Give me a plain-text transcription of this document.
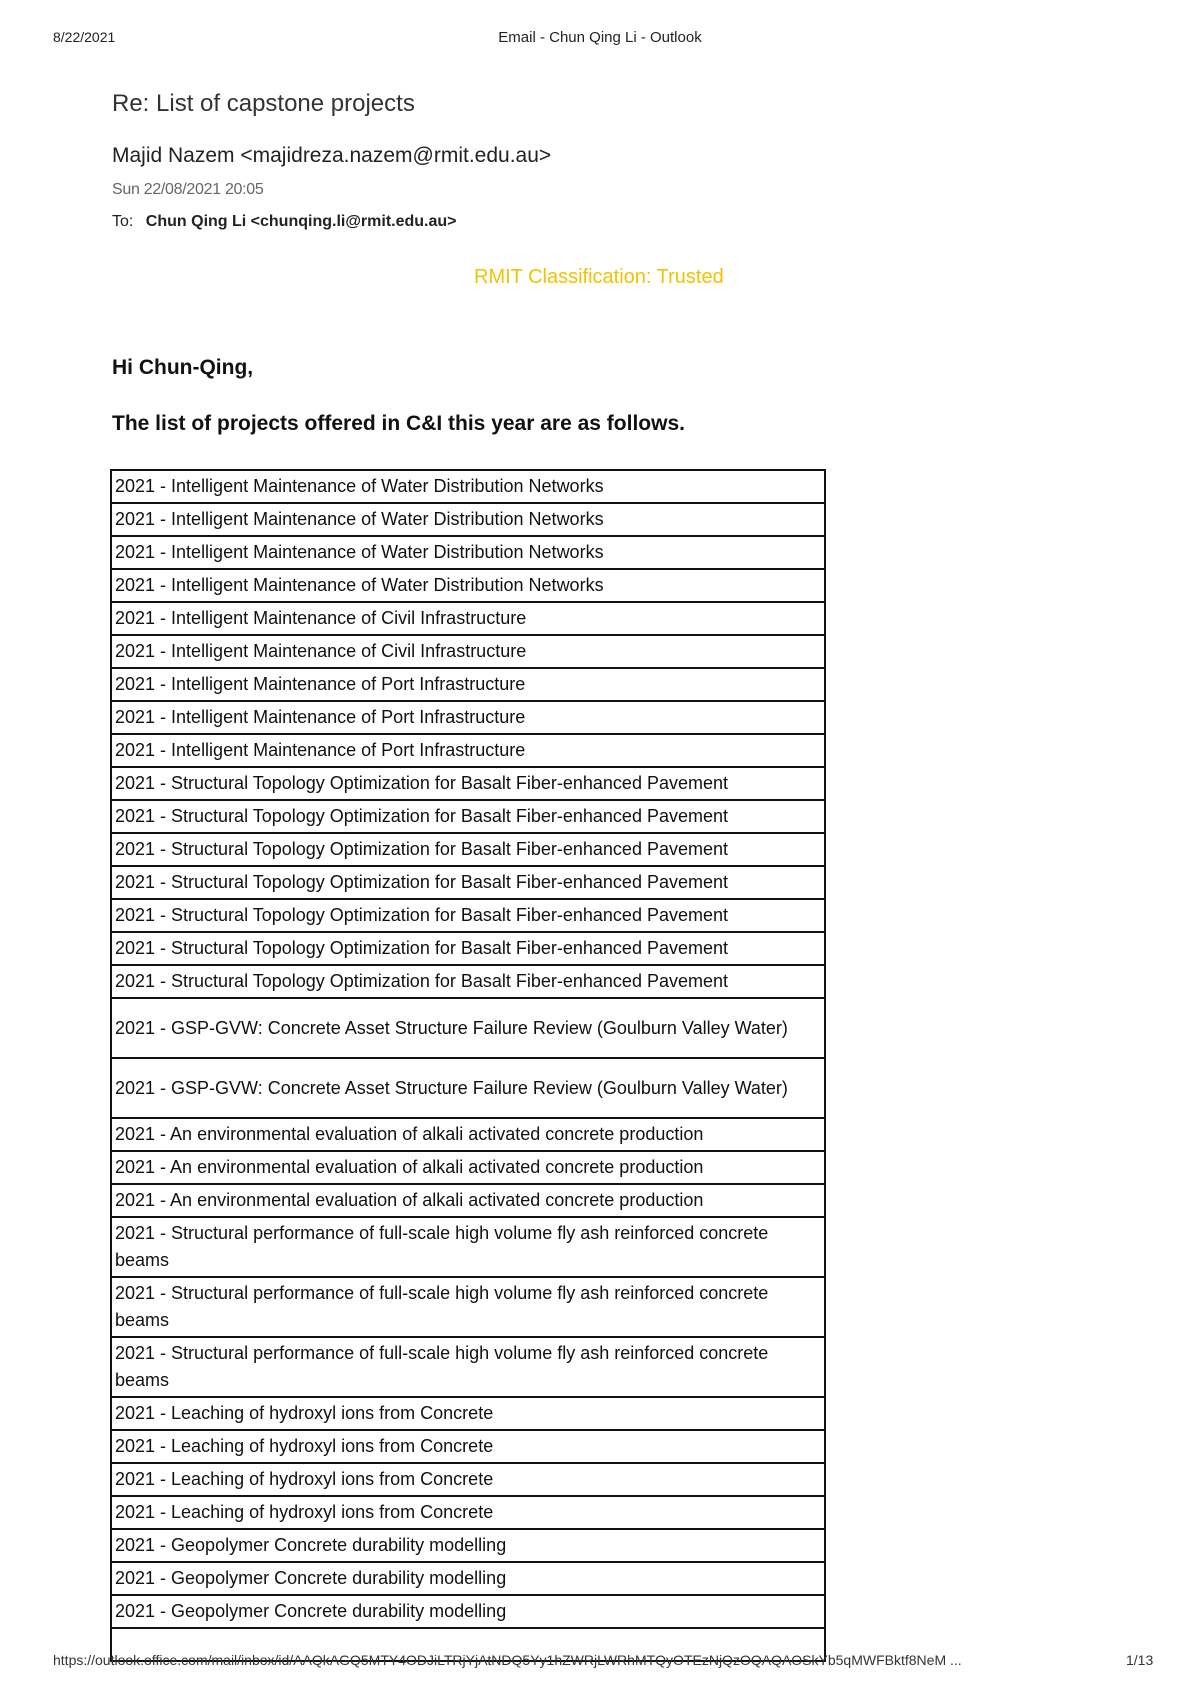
8/22/2021	Email - Chun Qing Li - Outlook
Re: List of capstone projects
Majid Nazem <majidreza.nazem@rmit.edu.au>
Sun 22/08/2021 20:05
To: Chun Qing Li <chunqing.li@rmit.edu.au>
RMIT Classification: Trusted
Hi Chun-Qing,
The list of projects offered in C&I this year are as follows.
2021 - Intelligent Maintenance of Water Distribution Networks
2021 - Intelligent Maintenance of Water Distribution Networks
2021 - Intelligent Maintenance of Water Distribution Networks
2021 - Intelligent Maintenance of Water Distribution Networks
2021 - Intelligent Maintenance of Civil Infrastructure
2021 - Intelligent Maintenance of Civil Infrastructure
2021 - Intelligent Maintenance of Port Infrastructure
2021 - Intelligent Maintenance of Port Infrastructure
2021 - Intelligent Maintenance of Port Infrastructure
2021 - Structural Topology Optimization for Basalt Fiber-enhanced Pavement
2021 - Structural Topology Optimization for Basalt Fiber-enhanced Pavement
2021 - Structural Topology Optimization for Basalt Fiber-enhanced Pavement
2021 - Structural Topology Optimization for Basalt Fiber-enhanced Pavement
2021 - Structural Topology Optimization for Basalt Fiber-enhanced Pavement
2021 - Structural Topology Optimization for Basalt Fiber-enhanced Pavement
2021 - Structural Topology Optimization for Basalt Fiber-enhanced Pavement
2021 - GSP-GVW: Concrete Asset Structure Failure Review (Goulburn Valley Water)
2021 - GSP-GVW: Concrete Asset Structure Failure Review (Goulburn Valley Water)
2021 - An environmental evaluation of alkali activated concrete production
2021 - An environmental evaluation of alkali activated concrete production
2021 - An environmental evaluation of alkali activated concrete production
2021 - Structural performance of full-scale high volume fly ash reinforced concrete beams
2021 - Structural performance of full-scale high volume fly ash reinforced concrete beams
2021 - Structural performance of full-scale high volume fly ash reinforced concrete beams
2021 - Leaching of hydroxyl ions from Concrete
2021 - Leaching of hydroxyl ions from Concrete
2021 - Leaching of hydroxyl ions from Concrete
2021 - Leaching of hydroxyl ions from Concrete
2021 - Geopolymer Concrete durability modelling
2021 - Geopolymer Concrete durability modelling
2021 - Geopolymer Concrete durability modelling

https://outlook.office.com/mail/inbox/id/AAQkAGQ5MTY4ODJiLTRjYjAtNDQ5Yy1hZWRjLWRhMTQyOTEzNjQzOQAQAOSkYb5qMWFBktf8NeM ...	1/13
